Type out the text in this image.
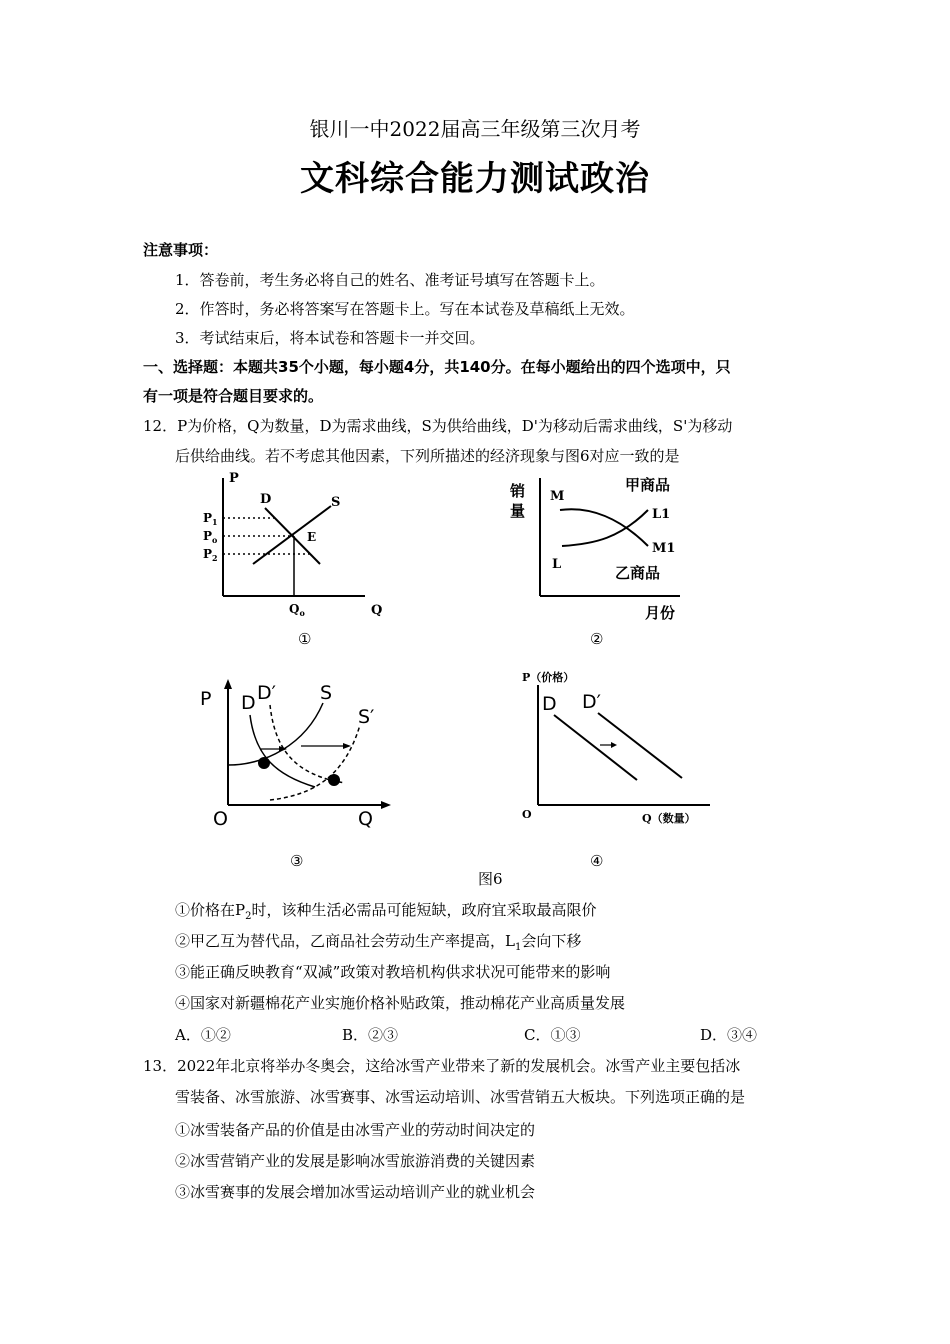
银川一中2022届高三年级第三次月考
文科综合能力测试政治
注意事项：
1．答卷前，考生务必将自己的姓名、准考证号填写在答题卡上。
2．作答时，务必将答案写在答题卡上。写在本试卷及草稿纸上无效。
3．考试结束后，将本试卷和答题卡一并交回。
一、选择题：本题共35个小题，每小题4分，共140分。在每小题给出的四个选项中，只
有一项是符合题目要求的。
12．P为价格，Q为数量，D为需求曲线，S为供给曲线，D'为移动后需求曲线，S'为移动
后供给曲线。若不考虑其他因素，下列所描述的经济现象与图6对应一致的是
P
Q
D	S
$P_1$
$P_o$
$P_2$
E
$Q_o$
①
销
量
月份
M
L
L1
M1
甲商品
乙商品
②
P
O	Q
D D′ S
S′
③
P（价格）
O	Q（数量）
D D′
④
图6
①价格在$P_2$时，该种生活必需品可能短缺，政府宜采取最高限价
②甲乙互为替代品，乙商品社会劳动生产率提高，$L_1$会向下移
③能正确反映教育“双减”政策对教培机构供求状况可能带来的影响
④国家对新疆棉花产业实施价格补贴政策，推动棉花产业高质量发展
A．①②	B．②③	C．①③	D．③④
13．2022年北京将举办冬奥会，这给冰雪产业带来了新的发展机会。冰雪产业主要包括冰
雪装备、冰雪旅游、冰雪赛事、冰雪运动培训、冰雪营销五大板块。下列选项正确的是
①冰雪装备产品的价值是由冰雪产业的劳动时间决定的
②冰雪营销产业的发展是影响冰雪旅游消费的关键因素
③冰雪赛事的发展会增加冰雪运动培训产业的就业机会
